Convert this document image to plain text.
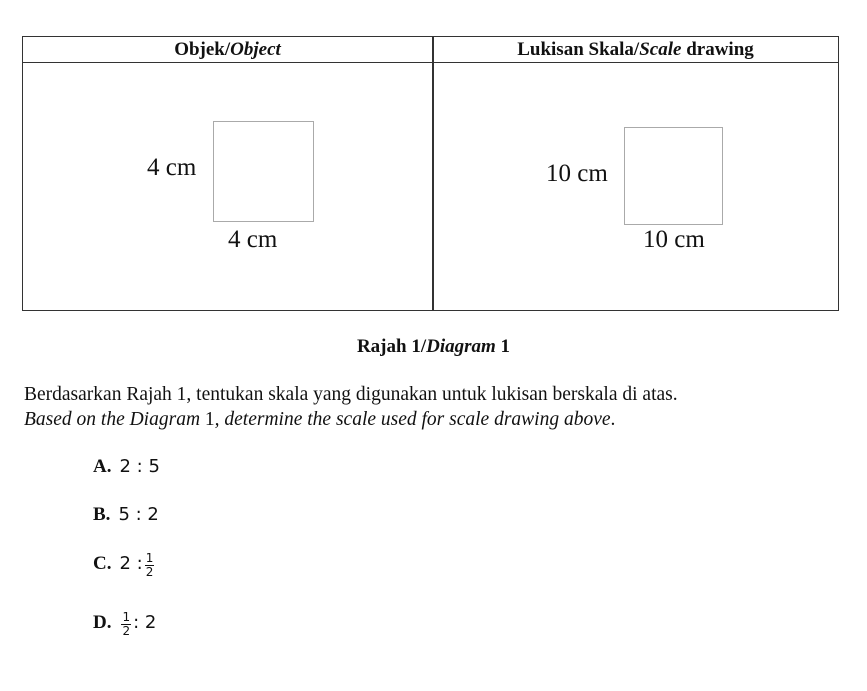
Objek/Object	Lukisan Skala/Scale drawing
4 cm
4 cm
10 cm
10 cm
Rajah 1/Diagram 1
Berdasarkan Rajah 1, tentukan skala yang digunakan untuk lukisan berskala di atas.
Based on the Diagram 1, determine the scale used for scale drawing above.
A. 2 : 5
B. 5 : 2
C. 2 : $\frac{1}{2}$
D. $\frac{1}{2}$ : 2
